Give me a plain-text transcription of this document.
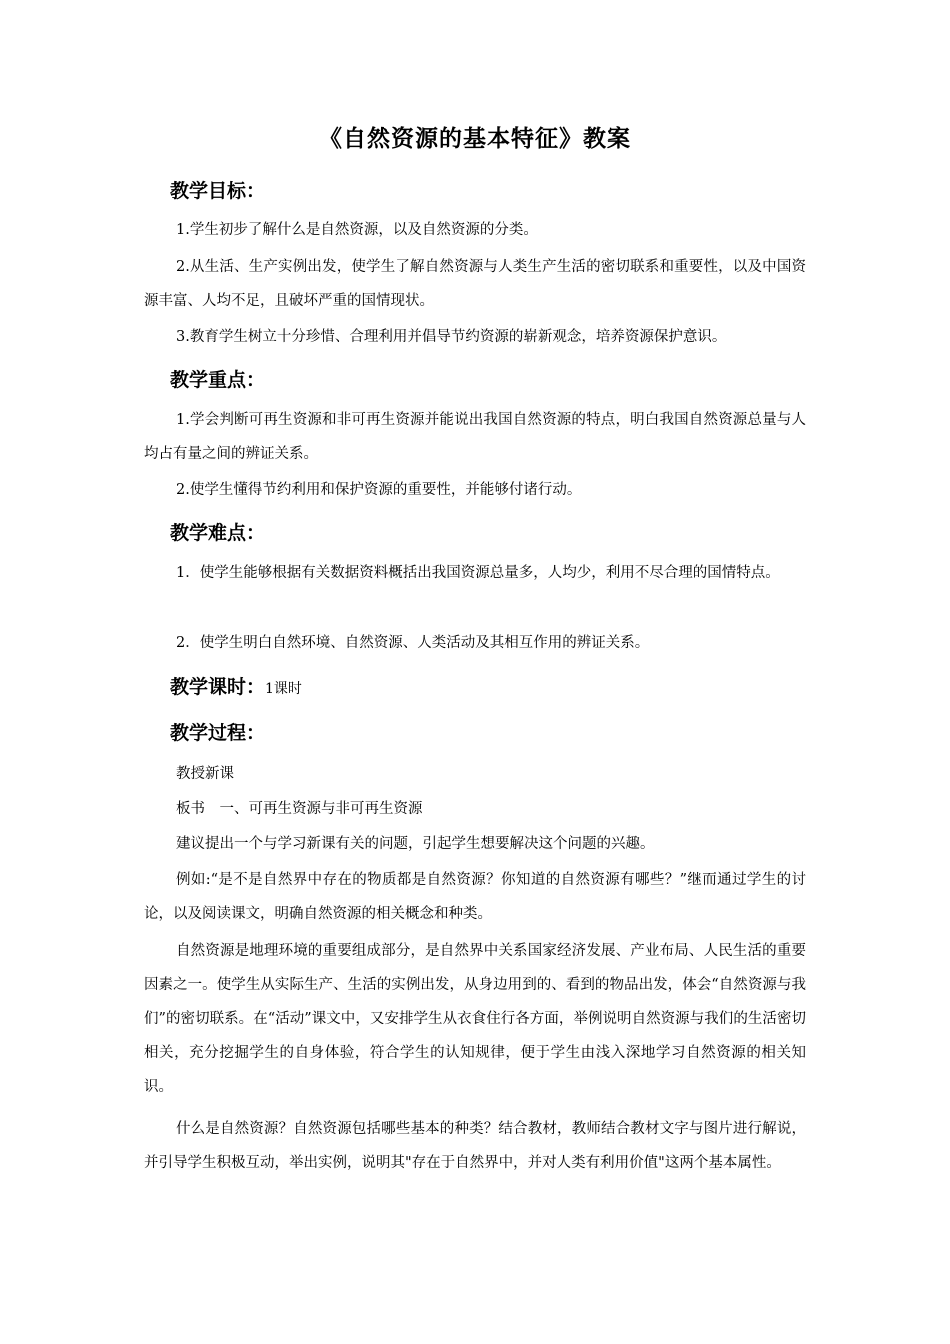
《自然资源的基本特征》教案
教学目标：
1.学生初步了解什么是自然资源，以及自然资源的分类。
2.从生活、生产实例出发，使学生了解自然资源与人类生产生活的密切联系和重要性，以及中国资源丰富、人均不足，且破坏严重的国情现状。
3.教育学生树立十分珍惜、合理利用并倡导节约资源的崭新观念，培养资源保护意识。
教学重点：
1.学会判断可再生资源和非可再生资源并能说出我国自然资源的特点，明白我国自然资源总量与人均占有量之间的辨证关系。
2.使学生懂得节约利用和保护资源的重要性，并能够付诸行动。
教学难点：
1．使学生能够根据有关数据资料概括出我国资源总量多，人均少，利用不尽合理的国情特点。
2．使学生明白自然环境、自然资源、人类活动及其相互作用的辨证关系。
教学课时：1课时
教学过程：
教授新课
板书　一、可再生资源与非可再生资源
建议提出一个与学习新课有关的问题，引起学生想要解决这个问题的兴趣。
例如:“是不是自然界中存在的物质都是自然资源？你知道的自然资源有哪些？”继而通过学生的讨论，以及阅读课文，明确自然资源的相关概念和种类。
自然资源是地理环境的重要组成部分，是自然界中关系国家经济发展、产业布局、人民生活的重要因素之一。使学生从实际生产、生活的实例出发，从身边用到的、看到的物品出发，体会“自然资源与我们”的密切联系。在“活动”课文中，又安排学生从衣食住行各方面，举例说明自然资源与我们的生活密切相关，充分挖掘学生的自身体验，符合学生的认知规律，便于学生由浅入深地学习自然资源的相关知识。
什么是自然资源？自然资源包括哪些基本的种类？结合教材，教师结合教材文字与图片进行解说，并引导学生积极互动，举出实例，说明其"存在于自然界中，并对人类有利用价值"这两个基本属性。
